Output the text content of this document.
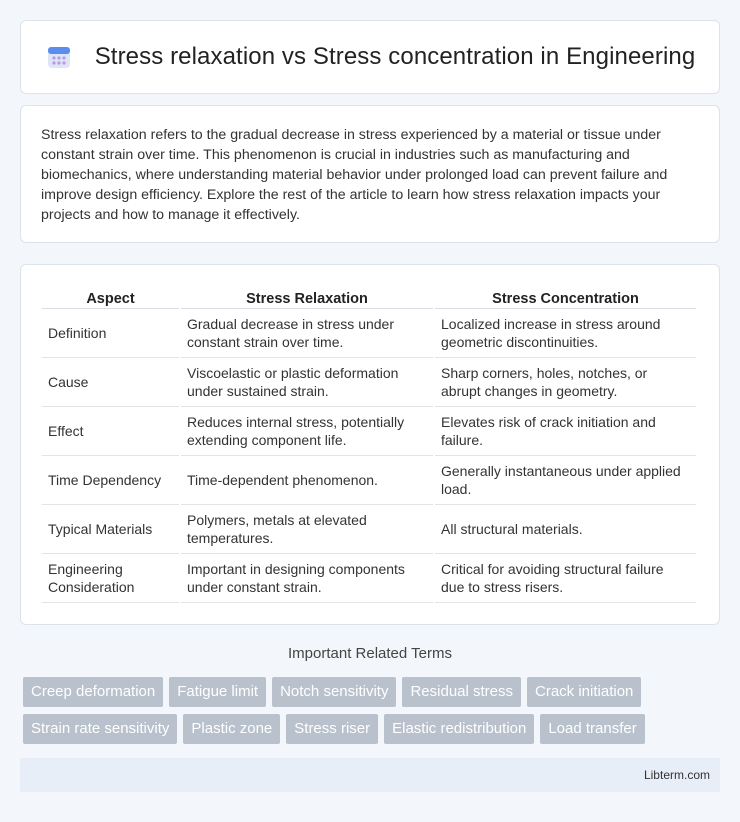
Stress relaxation vs Stress concentration in Engineering

Stress relaxation refers to the gradual decrease in stress experienced by a material or tissue under constant strain over time. This phenomenon is crucial in industries such as manufacturing and biomechanics, where understanding material behavior under prolonged load can prevent failure and improve design efficiency. Explore the rest of the article to learn how stress relaxation impacts your projects and how to manage it effectively.

Aspect	Stress Relaxation	Stress Concentration
Definition	Gradual decrease in stress under constant strain over time.	Localized increase in stress around geometric discontinuities.
Cause	Viscoelastic or plastic deformation under sustained strain.	Sharp corners, holes, notches, or abrupt changes in geometry.
Effect	Reduces internal stress, potentially extending component life.	Elevates risk of crack initiation and failure.
Time Dependency	Time-dependent phenomenon.	Generally instantaneous under applied load.
Typical Materials	Polymers, metals at elevated temperatures.	All structural materials.
Engineering Consideration	Important in designing components under constant strain.	Critical for avoiding structural failure due to stress risers.
Important Related Terms
Creep deformation	Fatigue limit	Notch sensitivity	Residual stress	Crack initiation
Strain rate sensitivity	Plastic zone	Stress riser	Elastic redistribution	Load transfer
Libterm.com
